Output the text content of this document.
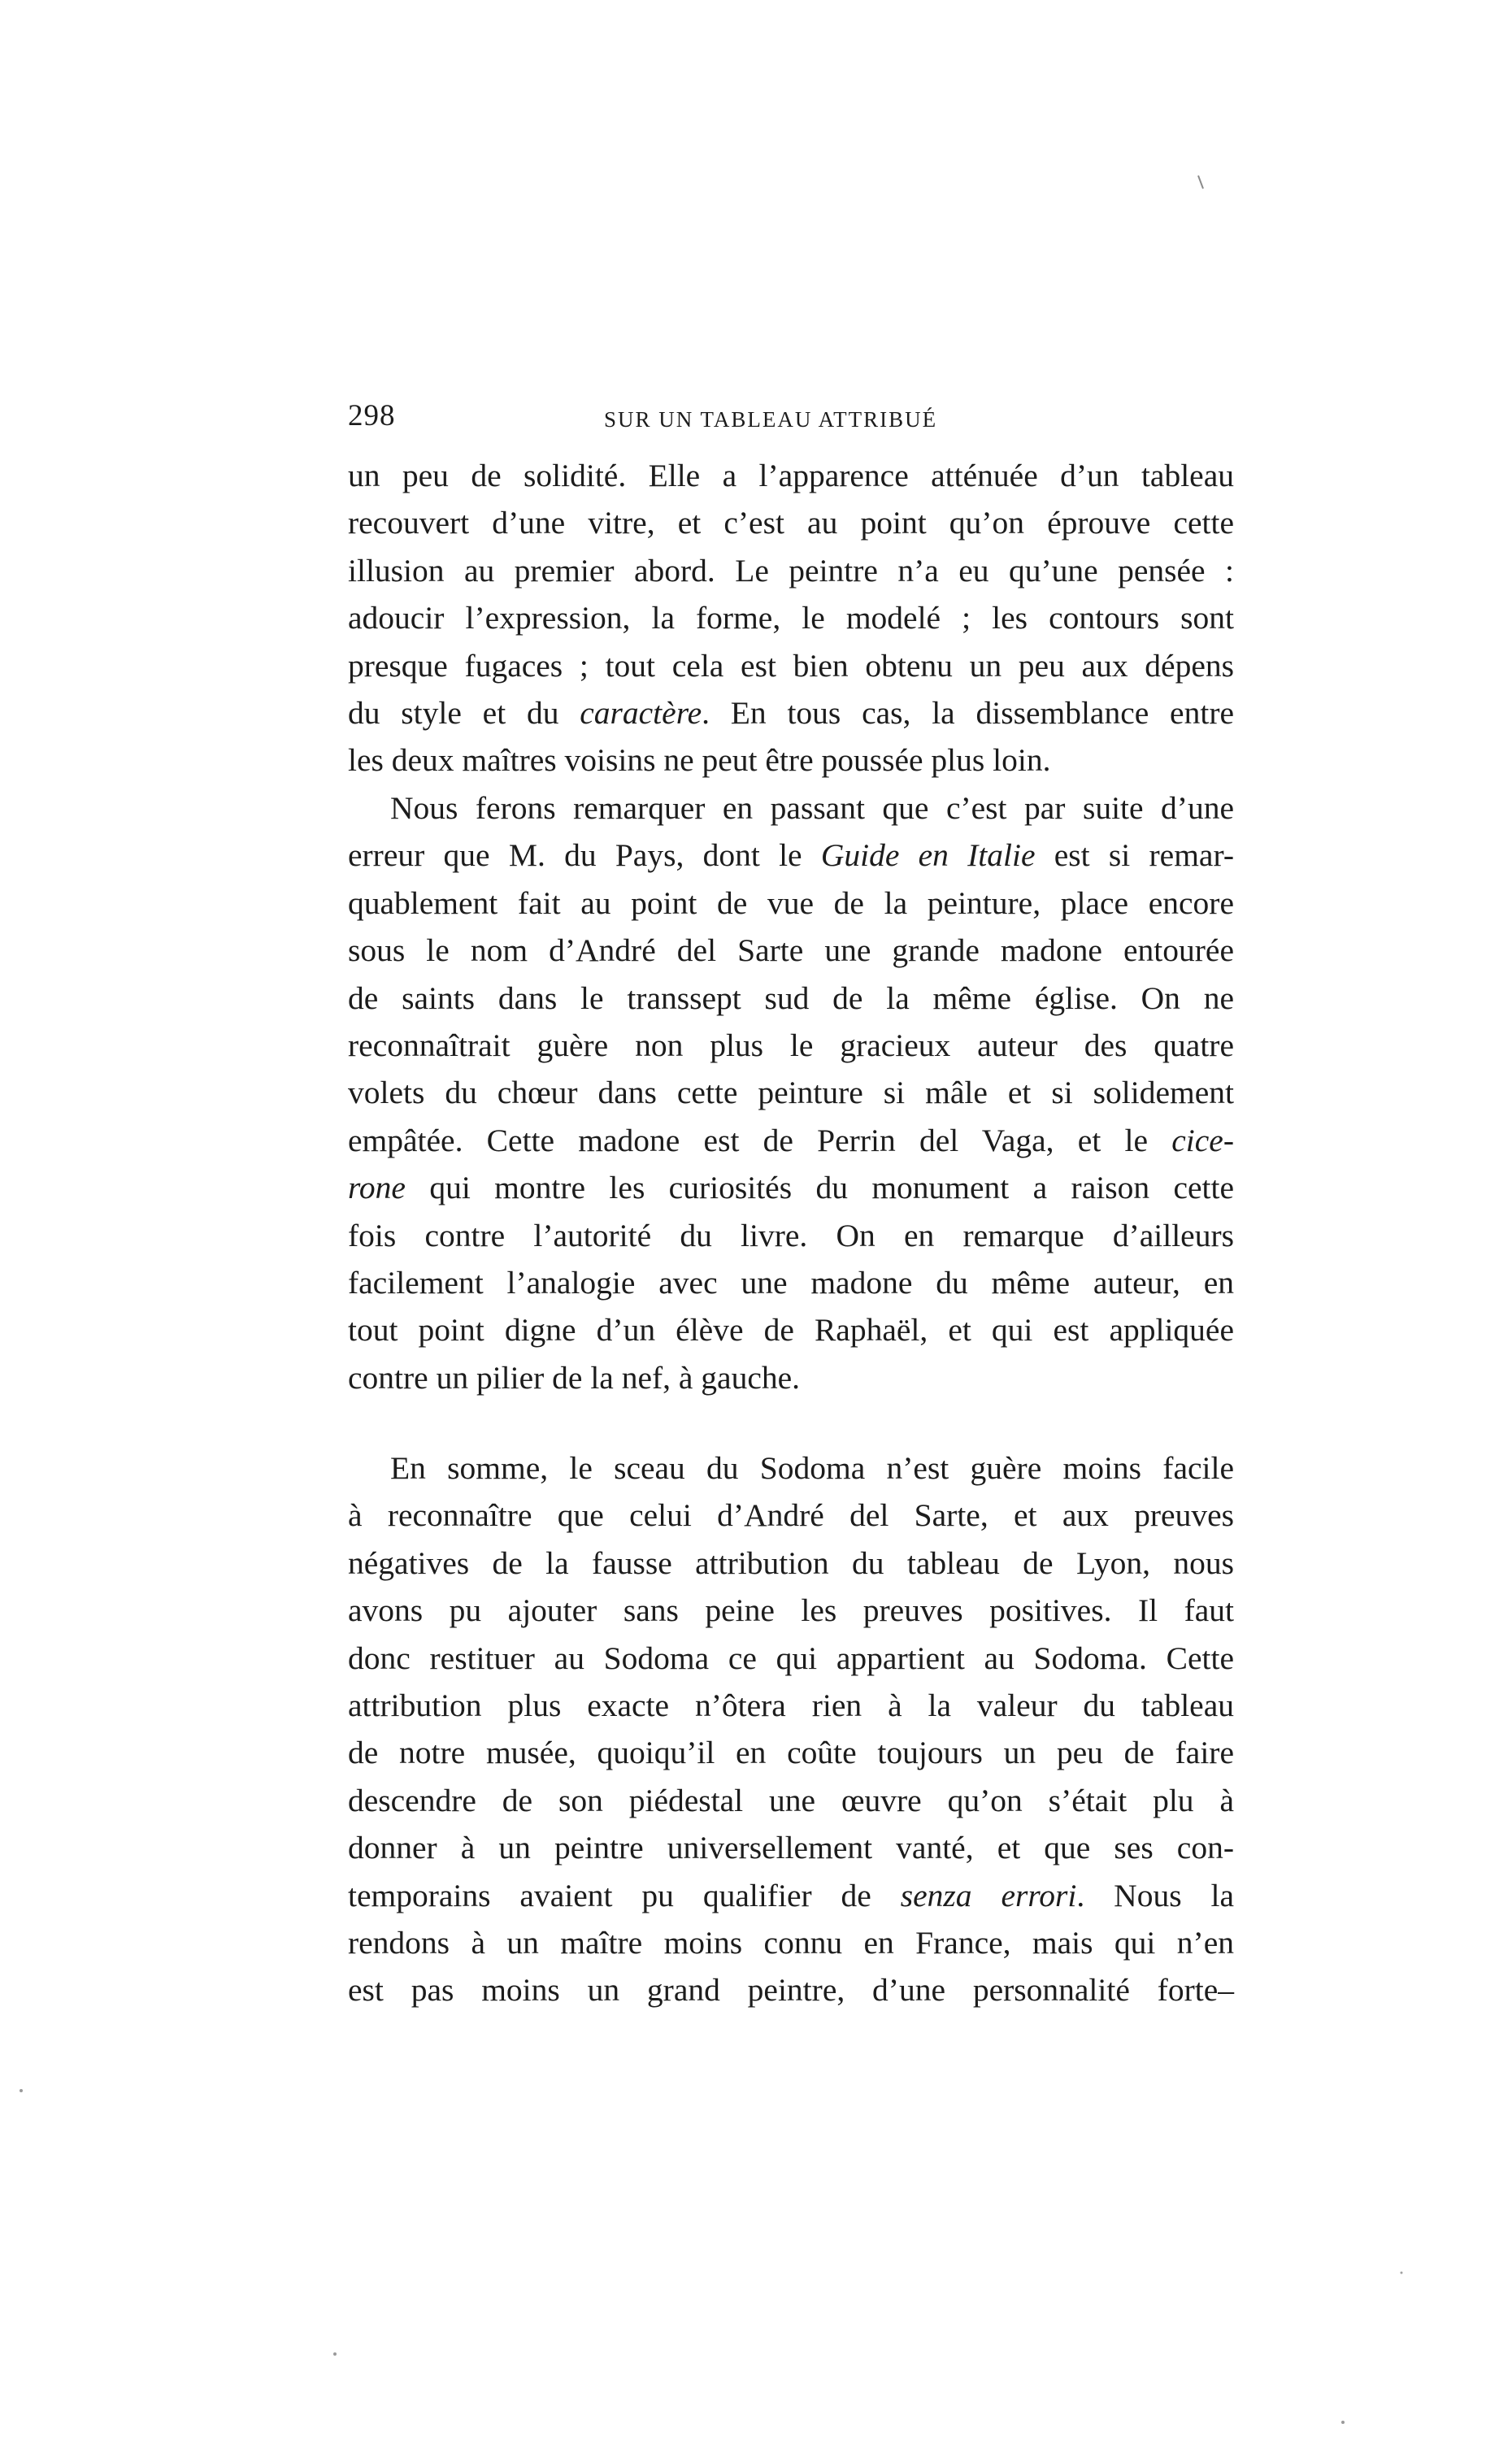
298	SUR UN TABLEAU ATTRIBUÉ
un peu de solidité. Elle a l’apparence atténuée d’un tableau
recouvert d’une vitre, et c’est au point qu’on éprouve cette
illusion au premier abord. Le peintre n’a eu qu’une pensée :
adoucir l’expression, la forme, le modelé ; les contours sont
presque fugaces ; tout cela est bien obtenu un peu aux dépens
du style et du caractère. En tous cas, la dissemblance entre
les deux maîtres voisins ne peut être poussée plus loin.
Nous ferons remarquer en passant que c’est par suite d’une
erreur que M. du Pays, dont le Guide en Italie est si remar-
quablement fait au point de vue de la peinture, place encore
sous le nom d’André del Sarte une grande madone entourée
de saints dans le transsept sud de la même église. On ne
reconnaîtrait guère non plus le gracieux auteur des quatre
volets du chœur dans cette peinture si mâle et si solidement
empâtée. Cette madone est de Perrin del Vaga, et le cice-
rone qui montre les curiosités du monument a raison cette
fois contre l’autorité du livre. On en remarque d’ailleurs
facilement l’analogie avec une madone du même auteur, en
tout point digne d’un élève de Raphaël, et qui est appliquée
contre un pilier de la nef, à gauche.
En somme, le sceau du Sodoma n’est guère moins facile
à reconnaître que celui d’André del Sarte, et aux preuves
négatives de la fausse attribution du tableau de Lyon, nous
avons pu ajouter sans peine les preuves positives. Il faut
donc restituer au Sodoma ce qui appartient au Sodoma. Cette
attribution plus exacte n’ôtera rien à la valeur du tableau
de notre musée, quoiqu’il en coûte toujours un peu de faire
descendre de son piédestal une œuvre qu’on s’était plu à
donner à un peintre universellement vanté, et que ses con-
temporains avaient pu qualifier de senza errori. Nous la
rendons à un maître moins connu en France, mais qui n’en
est pas moins un grand peintre, d’une personnalité forte–
